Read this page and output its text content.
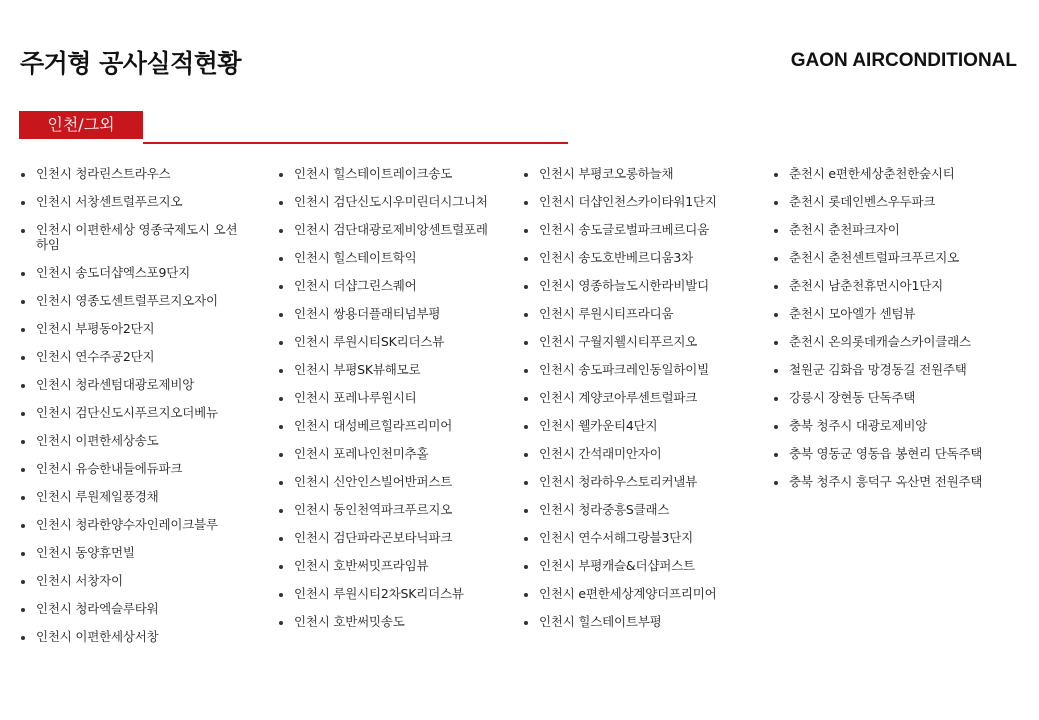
주거형 공사실적현황	GAON AIRCONDITIONAL
인천/그외
인천시 청라린스트라우스
인천시 서창센트럴푸르지오
인천시 이편한세상 영종국제도시 오션하임
인천시 송도더샵엑스포9단지
인천시 영종도센트럴푸르지오자이
인천시 부평동아2단지
인천시 연수주공2단지
인천시 청라센텀대광로제비앙
인천시 검단신도시푸르지오더베뉴
인천시 이편한세상송도
인천시 유승한내들에듀파크
인천시 루원제일풍경채
인천시 청라한양수자인레이크블루
인천시 동양휴먼빌
인천시 서창자이
인천시 청라엑슬루타워
인천시 이편한세상서창
인천시 힐스테이트레이크송도
인천시 검단신도시우미린더시그니처
인천시 검단대광로제비앙센트럴포레
인천시 힐스테이트학익
인천시 더샵그린스퀘어
인천시 쌍용더플래티넘부평
인천시 루원시티SK리더스뷰
인천시 부평SK뷰해모로
인천시 포레나루원시티
인천시 대성베르힐라프리미어
인천시 포레나인천미추홀
인천시 신안인스빌어반퍼스트
인천시 동인천역파크푸르지오
인천시 검단파라곤보타닉파크
인천시 호반써밋프라임뷰
인천시 루원시티2차SK리더스뷰
인천시 호반써밋송도
인천시 부평코오롱하늘채
인천시 더샵인천스카이타워1단지
인천시 송도글로벌파크베르디움
인천시 송도호반베르디움3차
인천시 영종하늘도시한라비발디
인천시 루원시티프라디움
인천시 구월지웰시티푸르지오
인천시 송도파크레인동일하이빌
인천시 계양코아루센트럴파크
인천시 웰카운티4단지
인천시 간석래미안자이
인천시 청라하우스토리커낼뷰
인천시 청라중흥S클래스
인천시 연수서해그랑블3단지
인천시 부평캐슬&더샵퍼스트
인천시 e편한세상계양더프리미어
인천시 힐스테이트부평
춘천시 e편한세상춘천한숲시티
춘천시 롯데인벤스우두파크
춘천시 춘천파크자이
춘천시 춘천센트럴파크푸르지오
춘천시 남춘천휴먼시아1단지
춘천시 모아엘가 센텀뷰
춘천시 온의롯데캐슬스카이클래스
철원군 김화읍 망경동길 전원주택
강릉시 장현동 단독주택
충북 청주시 대광로제비앙
충북 영동군 영동읍 봉현리 단독주택
충북 청주시 흥덕구 옥산면 전원주택
